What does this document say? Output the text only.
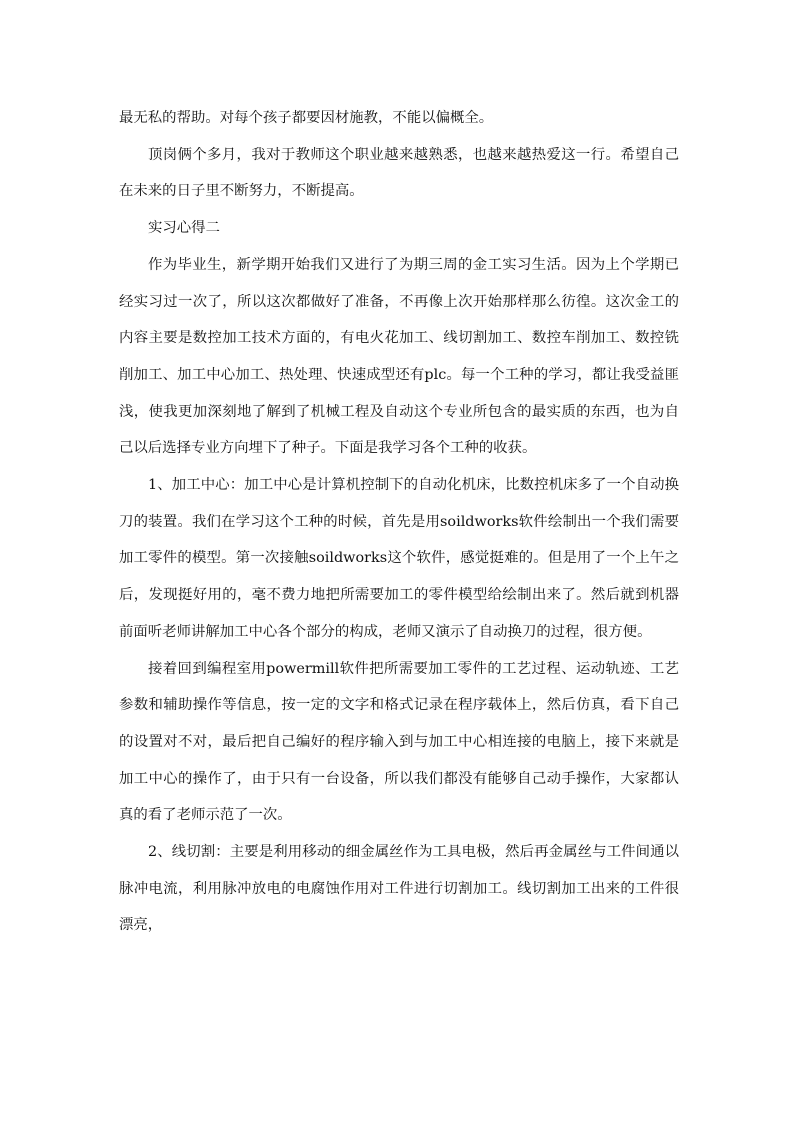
最无私的帮助。对每个孩子都要因材施教，不能以偏概全。

顶岗俩个多月，我对于教师这个职业越来越熟悉，也越来越热爱这一行。希望自己在未来的日子里不断努力，不断提高。

实习心得二

作为毕业生，新学期开始我们又进行了为期三周的金工实习生活。因为上个学期已经实习过一次了，所以这次都做好了准备，不再像上次开始那样那么彷徨。这次金工的内容主要是数控加工技术方面的，有电火花加工、线切割加工、数控车削加工、数控铣削加工、加工中心加工、热处理、快速成型还有plc。每一个工种的学习，都让我受益匪浅，使我更加深刻地了解到了机械工程及自动这个专业所包含的最实质的东西，也为自己以后选择专业方向埋下了种子。下面是我学习各个工种的收获。

1、加工中心：加工中心是计算机控制下的自动化机床，比数控机床多了一个自动换刀的装置。我们在学习这个工种的时候，首先是用soildworks软件绘制出一个我们需要加工零件的模型。第一次接触soildworks这个软件，感觉挺难的。但是用了一个上午之后，发现挺好用的，毫不费力地把所需要加工的零件模型给绘制出来了。然后就到机器前面听老师讲解加工中心各个部分的构成，老师又演示了自动换刀的过程，很方便。

接着回到编程室用powermill软件把所需要加工零件的工艺过程、运动轨迹、工艺参数和辅助操作等信息，按一定的文字和格式记录在程序载体上，然后仿真，看下自己的设置对不对，最后把自己编好的程序输入到与加工中心相连接的电脑上，接下来就是加工中心的操作了，由于只有一台设备，所以我们都没有能够自己动手操作，大家都认真的看了老师示范了一次。

2、线切割：主要是利用移动的细金属丝作为工具电极，然后再金属丝与工件间通以脉冲电流，利用脉冲放电的电腐蚀作用对工件进行切割加工。线切割加工出来的工件很漂亮，
